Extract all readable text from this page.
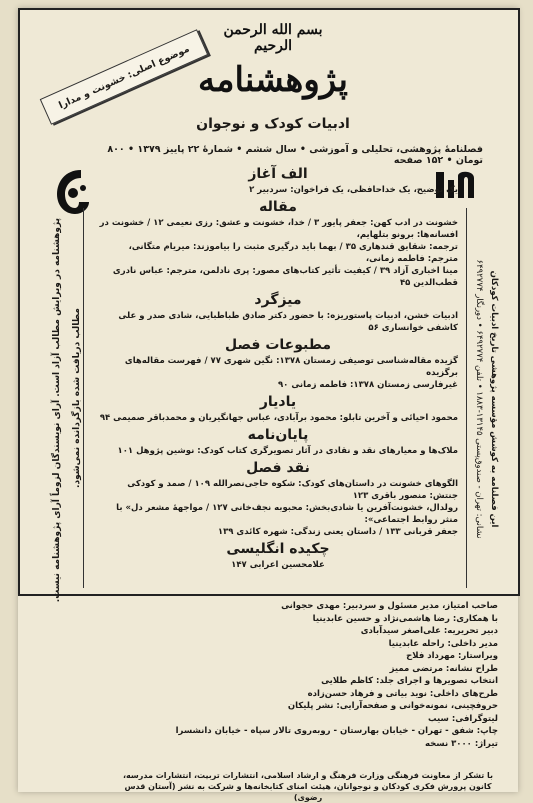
بسم الله الرحمن الرحيم
پژوهشنامه
ادبیات کودک و نوجوان
فصلنامهٔ پژوهشی، تحلیلی و آموزشی • سال ششم • شمارهٔ ۲۲ پاییز ۱۳۷۹ • ۸۰۰ تومان • ۱۵۲ صفحه
موضوع اصلی: خشونت و مدارا
پژوهشنامه در ویرایش مطالب آزاد است. آرای نویسندگان لزوماً آرای پژوهشنامه نیست.	مطالب دریافت شده بازگردانده نمی‌شود.	این فصلنامه به کوشش مؤسسه پژوهشی تاریخ ادبیات کودکان
نشانی: تهران - صندوق‌پستی ۱۳۱۴۵-۱۸۸۳ • تلفن ۶۴۹۲۷۷۴ • دورنگار ۶۴۹۲۷۷۴
الف آغاز
یک توضیح، یک خداحافظی، یک فراخوان: سردبیر ۲
مقاله
خشونت در ادب کهن: جعفر پایور ۳ / خدا، خشونت و عشق: رزی نعیمی ۱۲ / خشونت در افسانه‌ها: برونو بتلهایم،
ترجمه: شقایق قندهاری ۳۵ / بهما باید درگیری مثبت را بیاموزند: میریام متگانی، مترجم: فاطمه زمانی،
مینا اخباری آزاد ۳۹ / کیفیت تأثیر کتاب‌های مصور: پری نادلمن، مترجم: عباس نادری قطب‌الدین ۴۵
میزگرد
ادبیات خشن، ادبیات پاستوریزه: با حضور دکتر صادق طباطبایی، شادی صدر و علی کاشفی خوانساری ۵۶
مطبوعات فصل
گزیده مقاله‌شناسی توصیفی زمستان ۱۳۷۸: نگین شهری ۷۷ / فهرست مقاله‌های برگزیده
غیرفارسی زمستان ۱۳۷۸: فاطمه زمانی ۹۰
یادیار
محمود احیائی و آخرین تابلو: محمود برآبادی، عباس جهانگیریان و محمدباقر صمیمی ۹۴
پایان‌نامه
ملاک‌ها و معیارهای نقد و نقادی در آثار تصویرگری کتاب کودک: نوشین پژوهل ۱۰۱
نقد فصل
الگوهای خشونت در داستان‌های کودک: شکوه حاجی‌نصرالله ۱۰۹ / صمد و کودکی جنتش: منصور باقری ۱۲۳
رولدال، خشونت‌آفرین یا شادی‌بخش: محبوبه نجف‌خانی ۱۲۷ / مواجههٔ مشعر دل» با منثر روابط اجتماعی»:
جعفر قربانی ۱۳۳ / داستان یعنی زندگی: شهره کائدی ۱۳۹
چکیده انگلیسی
علامحسین اعرابی ۱۴۷
صاحب امتیاز، مدیر مسئول و سردبیر: مهدی حجوانی
با همکاری: رضا هاشمی‌نژاد و حسین عابدینیا
دبیر تحریریه: علی‌اصغر سیدآبادی
مدیر داخلی: راحله عابدینیا
ویراستار: مهرداد فلاح
طراح نشانه: مرتضی ممیز
انتخاب تصویرها و اجرای جلد: کاظم طلایی
طرح‌های داخلی: نوید بیاتی و فرهاد حسن‌زاده
حروفچینی، نمونه‌خوانی و صفحه‌آرایی: نشر پلیکان
لیتوگرافی: سیب
چاپ: شفق - تهران - خیابان بهارستان - روبه‌روی تالار سپاه - خیابان دانشسرا
تیراژ: ۳۰۰۰ نسخه
با تشکر از معاونت فرهنگی وزارت فرهنگ و ارشاد اسلامی، انتشارات تربیت، انتشارات مدرسه،
کانون پرورش فکری کودکان و نوجوانان، هیئت امنای کتابخانه‌ها و شرکت به نشر (آستان قدس رضوی)
